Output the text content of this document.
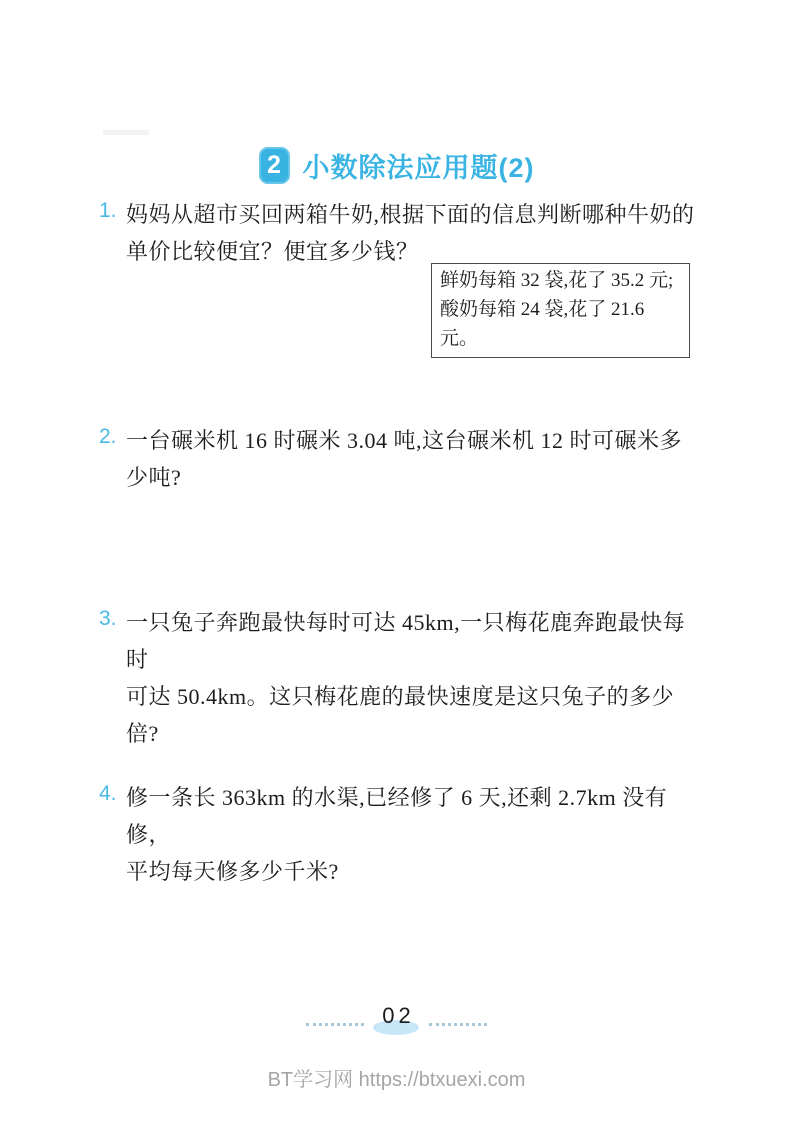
2 小数除法应用题(2)
1. 妈妈从超市买回两箱牛奶,根据下面的信息判断哪种牛奶的
单价比较便宜？便宜多少钱？
鲜奶每箱 32 袋,花了 35.2 元;
酸奶每箱 24 袋,花了 21.6 元。
2. 一台碾米机 16 时碾米 3.04 吨,这台碾米机 12 时可碾米多
少吨?
3. 一只兔子奔跑最快每时可达 45km,一只梅花鹿奔跑最快每时
可达 50.4km。这只梅花鹿的最快速度是这只兔子的多少倍?
4. 修一条长 363km 的水渠,已经修了 6 天,还剩 2.7km 没有修，
平均每天修多少千米?
02
BT学习网 https://btxuexi.com
